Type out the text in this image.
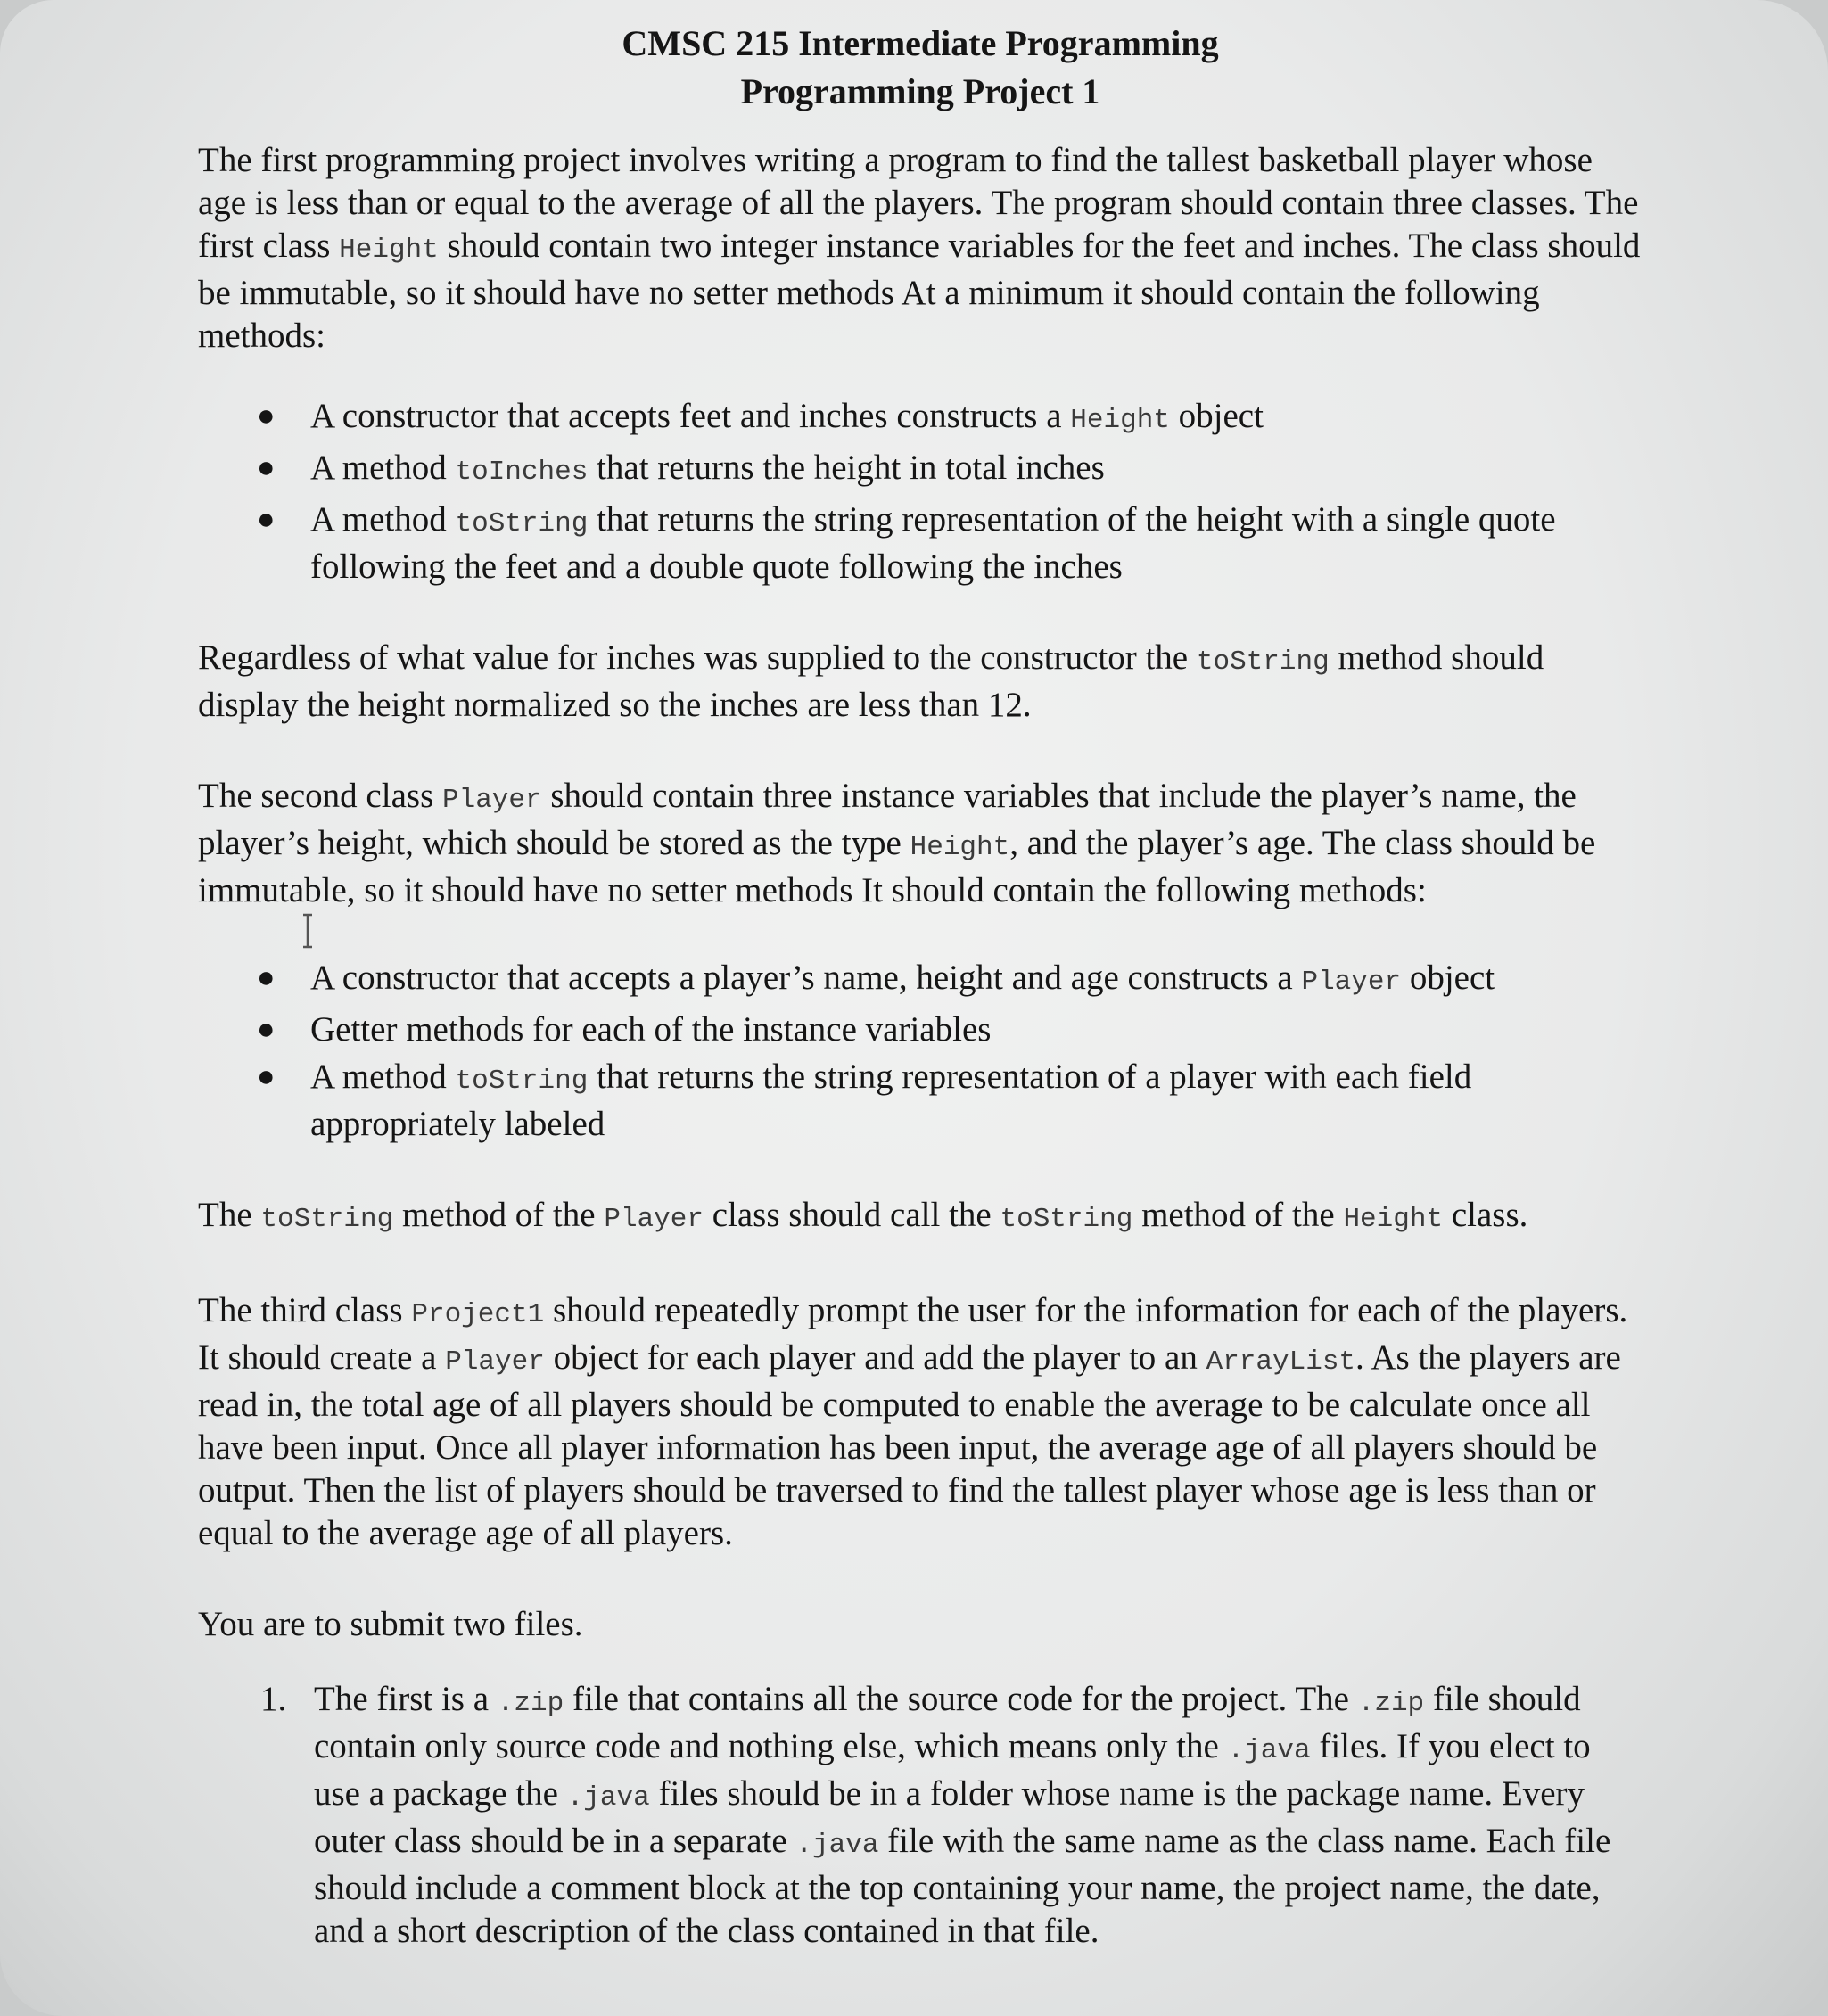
CMSC 215 Intermediate Programming
Programming Project 1

The first programming project involves writing a program to find the tallest basketball player whose age is less than or equal to the average of all the players. The program should contain three classes. The first class Height should contain two integer instance variables for the feet and inches. The class should be immutable, so it should have no setter methods At a minimum it should contain the following methods:

● A constructor that accepts feet and inches constructs a Height object
● A method toInches that returns the height in total inches
● A method toString that returns the string representation of the height with a single quote following the feet and a double quote following the inches

Regardless of what value for inches was supplied to the constructor the toString method should display the height normalized so the inches are less than 12.

The second class Player should contain three instance variables that include the player’s name, the player’s height, which should be stored as the type Height, and the player’s age. The class should be immutable, so it should have no setter methods It should contain the following methods:

● A constructor that accepts a player’s name, height and age constructs a Player object
● Getter methods for each of the instance variables
● A method toString that returns the string representation of a player with each field appropriately labeled

The toString method of the Player class should call the toString method of the Height class.

The third class Project1 should repeatedly prompt the user for the information for each of the players. It should create a Player object for each player and add the player to an ArrayList. As the players are read in, the total age of all players should be computed to enable the average to be calculate once all have been input. Once all player information has been input, the average age of all players should be output. Then the list of players should be traversed to find the tallest player whose age is less than or equal to the average age of all players.

You are to submit two files.

1. The first is a .zip file that contains all the source code for the project. The .zip file should contain only source code and nothing else, which means only the .java files. If you elect to use a package the .java files should be in a folder whose name is the package name. Every outer class should be in a separate .java file with the same name as the class name. Each file should include a comment block at the top containing your name, the project name, the date, and a short description of the class contained in that file.
